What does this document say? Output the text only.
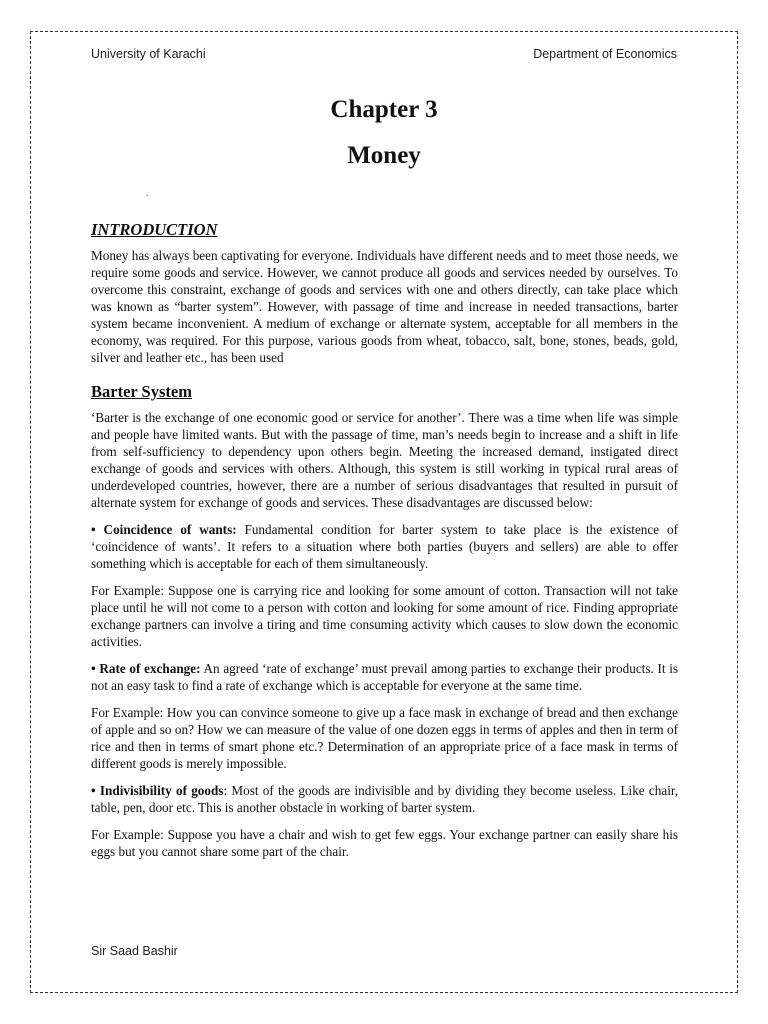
University of Karachi	Department of Economics
Chapter 3
Money
.
INTRODUCTION

Money has always been captivating for everyone. Individuals have different needs and to meet those needs, we require some goods and service. However, we cannot produce all goods and services needed by ourselves. To overcome this constraint, exchange of goods and services with one and others directly, can take place which was known as “barter system”. However, with passage of time and increase in needed transactions, barter system became inconvenient. A medium of exchange or alternate system, acceptable for all members in the economy, was required. For this purpose, various goods from wheat, tobacco, salt, bone, stones, beads, gold, silver and leather etc., has been used

Barter System

‘Barter is the exchange of one economic good or service for another’. There was a time when life was simple and people have limited wants. But with the passage of time, man’s needs begin to increase and a shift in life from self-sufficiency to dependency upon others begin. Meeting the increased demand, instigated direct exchange of goods and services with others. Although, this system is still working in typical rural areas of underdeveloped countries, however, there are a number of serious disadvantages that resulted in pursuit of alternate system for exchange of goods and services. These disadvantages are discussed below:

• Coincidence of wants: Fundamental condition for barter system to take place is the existence of ‘coincidence of wants’. It refers to a situation where both parties (buyers and sellers) are able to offer something which is acceptable for each of them simultaneously.

For Example: Suppose one is carrying rice and looking for some amount of cotton. Transaction will not take place until he will not come to a person with cotton and looking for some amount of rice. Finding appropriate exchange partners can involve a tiring and time consuming activity which causes to slow down the economic activities.

• Rate of exchange: An agreed ‘rate of exchange’ must prevail among parties to exchange their products. It is not an easy task to find a rate of exchange which is acceptable for everyone at the same time.

For Example: How you can convince someone to give up a face mask in exchange of bread and then exchange of apple and so on? How we can measure of the value of one dozen eggs in terms of apples and then in term of rice and then in terms of smart phone etc.? Determination of an appropriate price of a face mask in terms of different goods is merely impossible.

• Indivisibility of goods: Most of the goods are indivisible and by dividing they become useless. Like chair, table, pen, door etc. This is another obstacle in working of barter system.

For Example: Suppose you have a chair and wish to get few eggs. Your exchange partner can easily share his eggs but you cannot share some part of the chair.

Sir Saad Bashir
